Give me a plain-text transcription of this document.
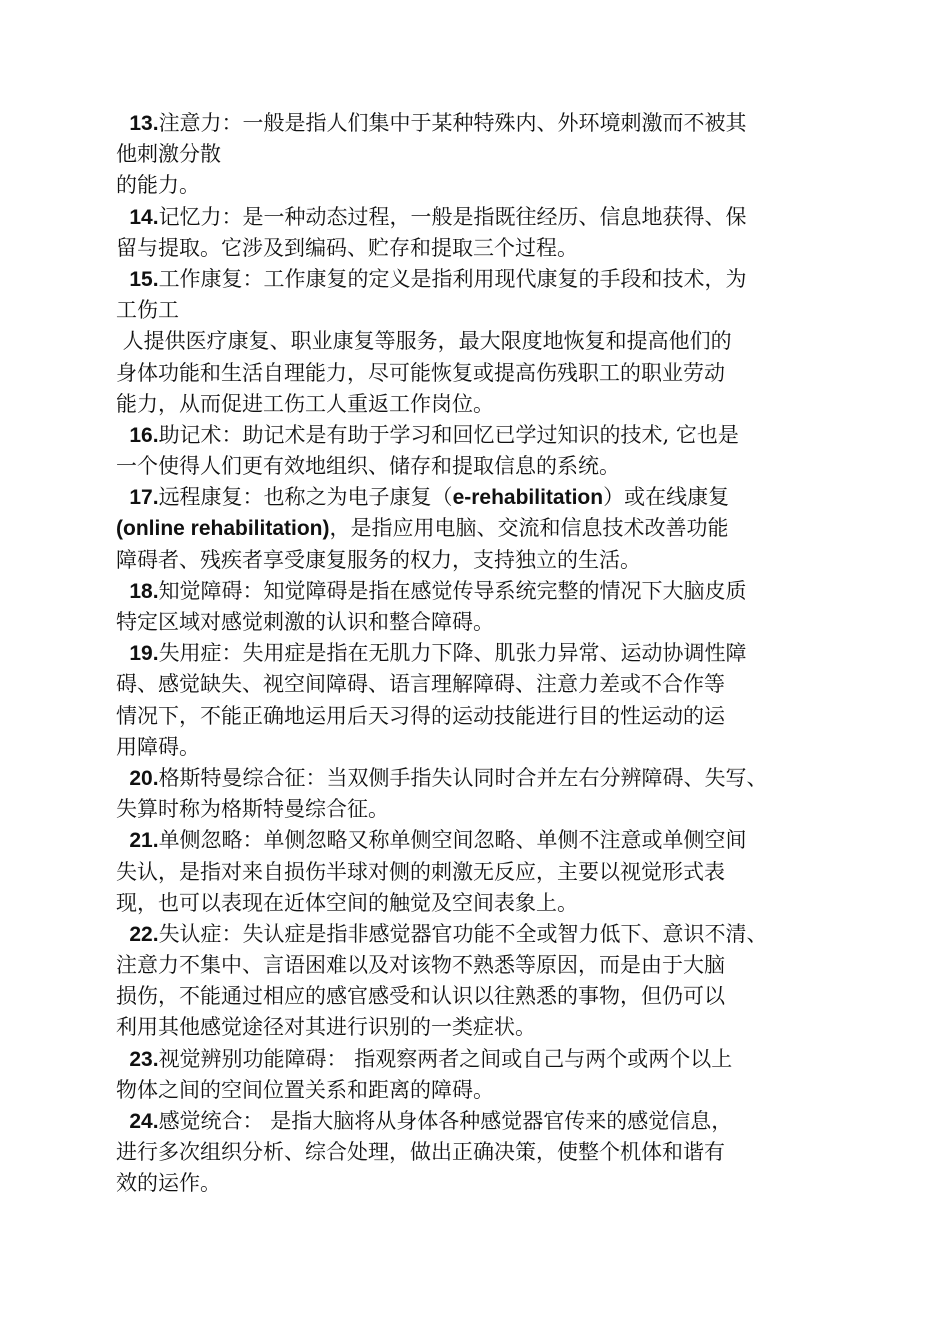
13.注意力：一般是指人们集中于某种特殊内、外环境刺激而不被其
他刺激分散
的能力。
14.记忆力：是一种动态过程，一般是指既往经历、信息地获得、保
留与提取。它涉及到编码、贮存和提取三个过程。
15.工作康复：工作康复的定义是指利用现代康复的手段和技术，为
工伤工
人提供医疗康复、职业康复等服务，最大限度地恢复和提高他们的
身体功能和生活自理能力，尽可能恢复或提高伤残职工的职业劳动
能力，从而促进工伤工人重返工作岗位。
16.助记术：助记术是有助于学习和回忆已学过知识的技术, 它也是
一个使得人们更有效地组织、储存和提取信息的系统。
17.远程康复：也称之为电子康复（e-rehabilitation）或在线康复
(online rehabilitation)，是指应用电脑、交流和信息技术改善功能
障碍者、残疾者享受康复服务的权力，支持独立的生活。
18.知觉障碍：知觉障碍是指在感觉传导系统完整的情况下大脑皮质
特定区域对感觉刺激的认识和整合障碍。
19.失用症：失用症是指在无肌力下降、肌张力异常、运动协调性障
碍、感觉缺失、视空间障碍、语言理解障碍、注意力差或不合作等
情况下，不能正确地运用后天习得的运动技能进行目的性运动的运
用障碍。
20.格斯特曼综合征：当双侧手指失认同时合并左右分辨障碍、失写、
失算时称为格斯特曼综合征。
21.单侧忽略：单侧忽略又称单侧空间忽略、单侧不注意或单侧空间
失认，是指对来自损伤半球对侧的刺激无反应，主要以视觉形式表
现，也可以表现在近体空间的触觉及空间表象上。
22.失认症：失认症是指非感觉器官功能不全或智力低下、意识不清、
注意力不集中、言语困难以及对该物不熟悉等原因，而是由于大脑
损伤，不能通过相应的感官感受和认识以往熟悉的事物，但仍可以
利用其他感觉途径对其进行识别的一类症状。
23.视觉辨别功能障碍： 指观察两者之间或自己与两个或两个以上
物体之间的空间位置关系和距离的障碍。
24.感觉统合： 是指大脑将从身体各种感觉器官传来的感觉信息，
进行多次组织分析、综合处理，做出正确决策，使整个机体和谐有
效的运作。
